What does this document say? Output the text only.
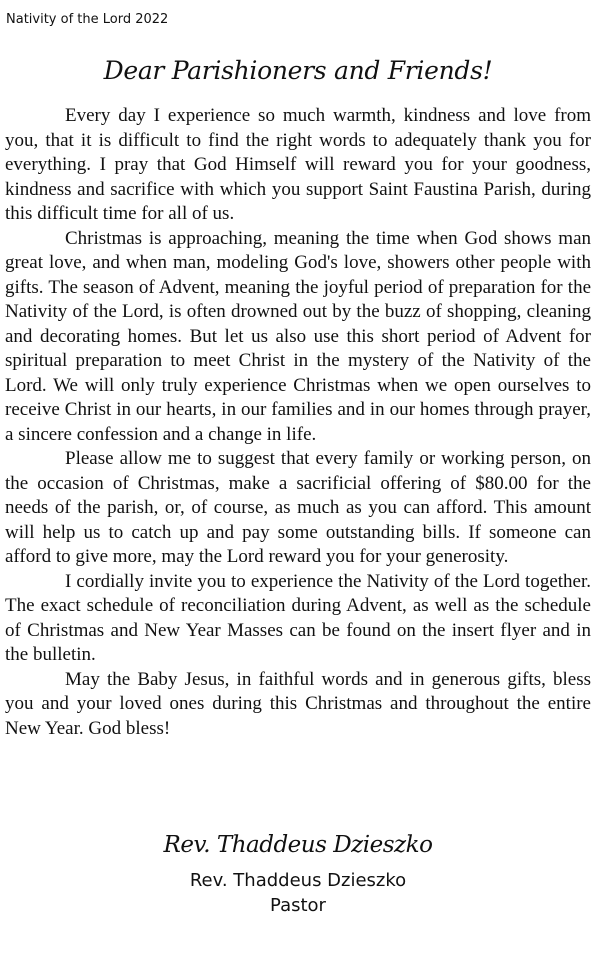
Nativity of the Lord 2022
Dear Parishioners and Friends!

Every day I experience so much warmth, kindness and love from you, that it is difficult to find the right words to adequately thank you for everything. I pray that God Himself will reward you for your goodness, kindness and sacrifice with which you support Saint Faustina Parish, during this difficult time for all of us.

Christmas is approaching, meaning the time when God shows man great love, and when man, modeling God's love, showers other people with gifts. The season of Advent, meaning the joyful period of preparation for the Nativity of the Lord, is often drowned out by the buzz of shopping, cleaning and decorating homes. But let us also use this short period of Advent for spiritual preparation to meet Christ in the mystery of the Nativity of the Lord. We will only truly experience Christmas when we open ourselves to receive Christ in our hearts, in our families and in our homes through prayer, a sincere confession and a change in life.

Please allow me to suggest that every family or working person, on the occasion of Christmas, make a sacrificial offering of $80.00 for the needs of the parish, or, of course, as much as you can afford. This amount will help us to catch up and pay some outstanding bills. If someone can afford to give more, may the Lord reward you for your generosity.

I cordially invite you to experience the Nativity of the Lord together. The exact schedule of reconciliation during Advent, as well as the schedule of Christmas and New Year Masses can be found on the insert flyer and in the bulletin.

May the Baby Jesus, in faithful words and in generous gifts, bless you and your loved ones during this Christmas and throughout the entire New Year. God bless!

Rev. Thaddeus Dzieszko
Rev. Thaddeus Dzieszko
Pastor
